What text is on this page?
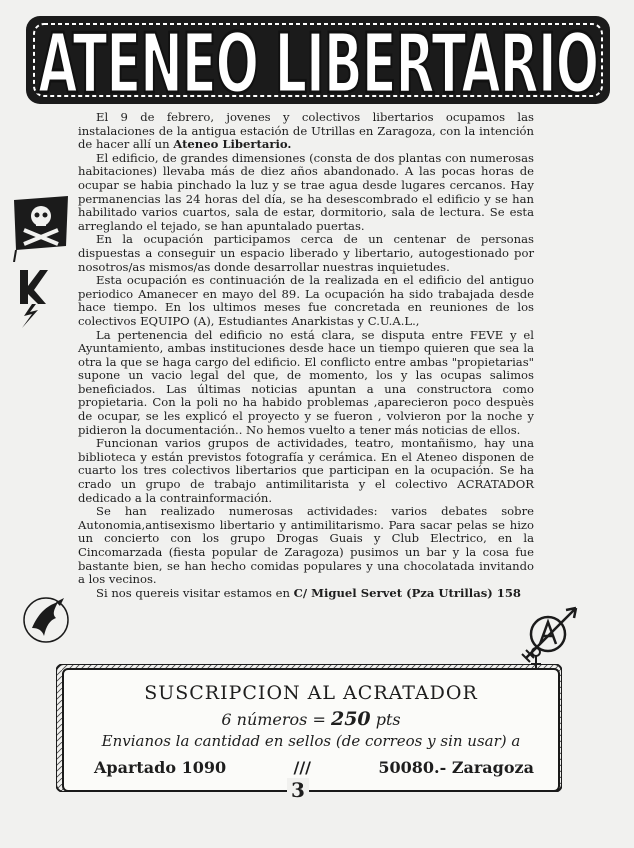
ATENEO LIBERTARIO

El 9 de febrero, jovenes y colectivos libertarios ocupamos las instalaciones de la antigua estación de Utrillas en Zaragoza, con la intención de hacer allí un Ateneo Libertario.

El edificio, de grandes dimensiones (consta de dos plantas con numerosas habitaciones) llevaba más de diez años abandonado. A las pocas horas de ocupar se habia pinchado la luz y se trae agua desde lugares cercanos. Hay permanencias las 24 horas del día, se ha desescombrado el edificio y se han habilitado varios cuartos, sala de estar, dormitorio, sala de lectura. Se esta arreglando el tejado, se han apuntalado puertas.

En la ocupación participamos cerca de un centenar de personas dispuestas a conseguir un espacio liberado y libertario, autogestionado por nosotros/as mismos/as donde desarrollar nuestras inquietudes.

Esta ocupación es continuación de la realizada en el edificio del antiguo periodico Amanecer en mayo del 89. La ocupación ha sido trabajada desde hace tiempo. En los ultimos meses fue concretada en reuniones de los colectivos EQUIPO (A), Estudiantes Anarkistas y C.U.A.L.,

La pertenencia del edificio no está clara, se disputa entre FEVE y el Ayuntamiento, ambas instituciones desde hace un tiempo quieren que sea la otra la que se haga cargo del edificio. El conflicto entre ambas "propietarias" supone un vacio legal del que, de momento, los y las ocupas salimos beneficiados. Las últimas noticias apuntan a una constructora como propietaria. Con la poli no ha habido problemas ,aparecieron poco despuès de ocupar, se les explicó el proyecto y se fueron , volvieron por la noche y pidieron la documentación.. No hemos vuelto a tener más noticias de ellos.

Funcionan varios grupos de actividades, teatro, montañismo, hay una biblioteca y están previstos fotografía y cerámica. En el Ateneo disponen de cuarto los tres colectivos libertarios que participan en la ocupación. Se ha crado un grupo de trabajo antimilitarista y el colectivo ACRATADOR dedicado a la contrainformación.

Se han realizado numerosas actividades: varios debates sobre Autonomia,antisexismo libertario y antimilitarismo. Para sacar pelas se hizo un concierto con los grupo Drogas Guais y Club Electrico, en la Cincomarzada (fiesta popular de Zaragoza) pusimos un bar y la cosa fue bastante bien, se han hecho comidas populares y una chocolatada invitando a los vecinos.

Si nos quereis visitar estamos en C/ Miguel Servet (Pza Utrillas) 158

SUSCRIPCION AL ACRATADOR
6 números = 250 pts
Envianos la cantidad en sellos (de correos y sin usar) a
Apartado 1090	///	50080.- Zaragoza
3
